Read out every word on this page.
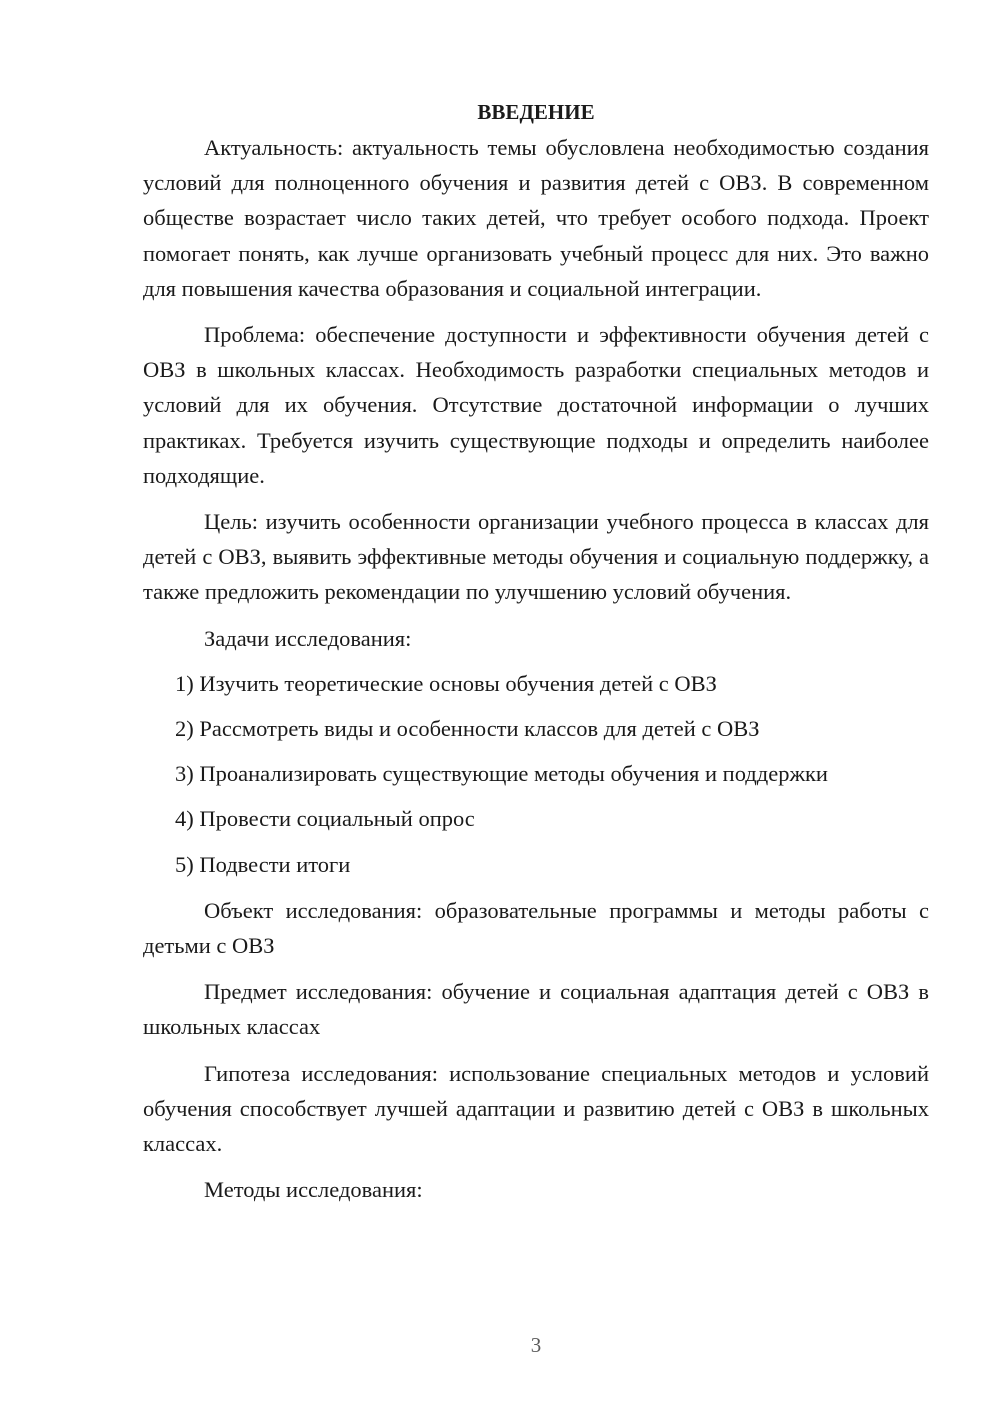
ВВЕДЕНИЕ

Актуальность: актуальность темы обусловлена необходимостью создания условий для полноценного обучения и развития детей с ОВЗ. В современном обществе возрастает число таких детей, что требует особого подхода. Проект помогает понять, как лучше организовать учебный процесс для них. Это важно для повышения качества образования и социальной интеграции.

Проблема: обеспечение доступности и эффективности обучения детей с ОВЗ в школьных классах. Необходимость разработки специальных методов и условий для их обучения. Отсутствие достаточной информации о лучших практиках. Требуется изучить существующие подходы и определить наиболее подходящие.

Цель: изучить особенности организации учебного процесса в классах для детей с ОВЗ, выявить эффективные методы обучения и социальную поддержку, а также предложить рекомендации по улучшению условий обучения.

Задачи исследования:

1) Изучить теоретические основы обучения детей с ОВЗ

2) Рассмотреть виды и особенности классов для детей с ОВЗ

3) Проанализировать существующие методы обучения и поддержки

4) Провести социальный опрос

5) Подвести итоги

Объект исследования: образовательные программы и методы работы с детьми с ОВЗ

Предмет исследования: обучение и социальная адаптация детей с ОВЗ в школьных классах

Гипотеза исследования: использование специальных методов и условий обучения способствует лучшей адаптации и развитию детей с ОВЗ в школьных классах.

Методы исследования:

3
